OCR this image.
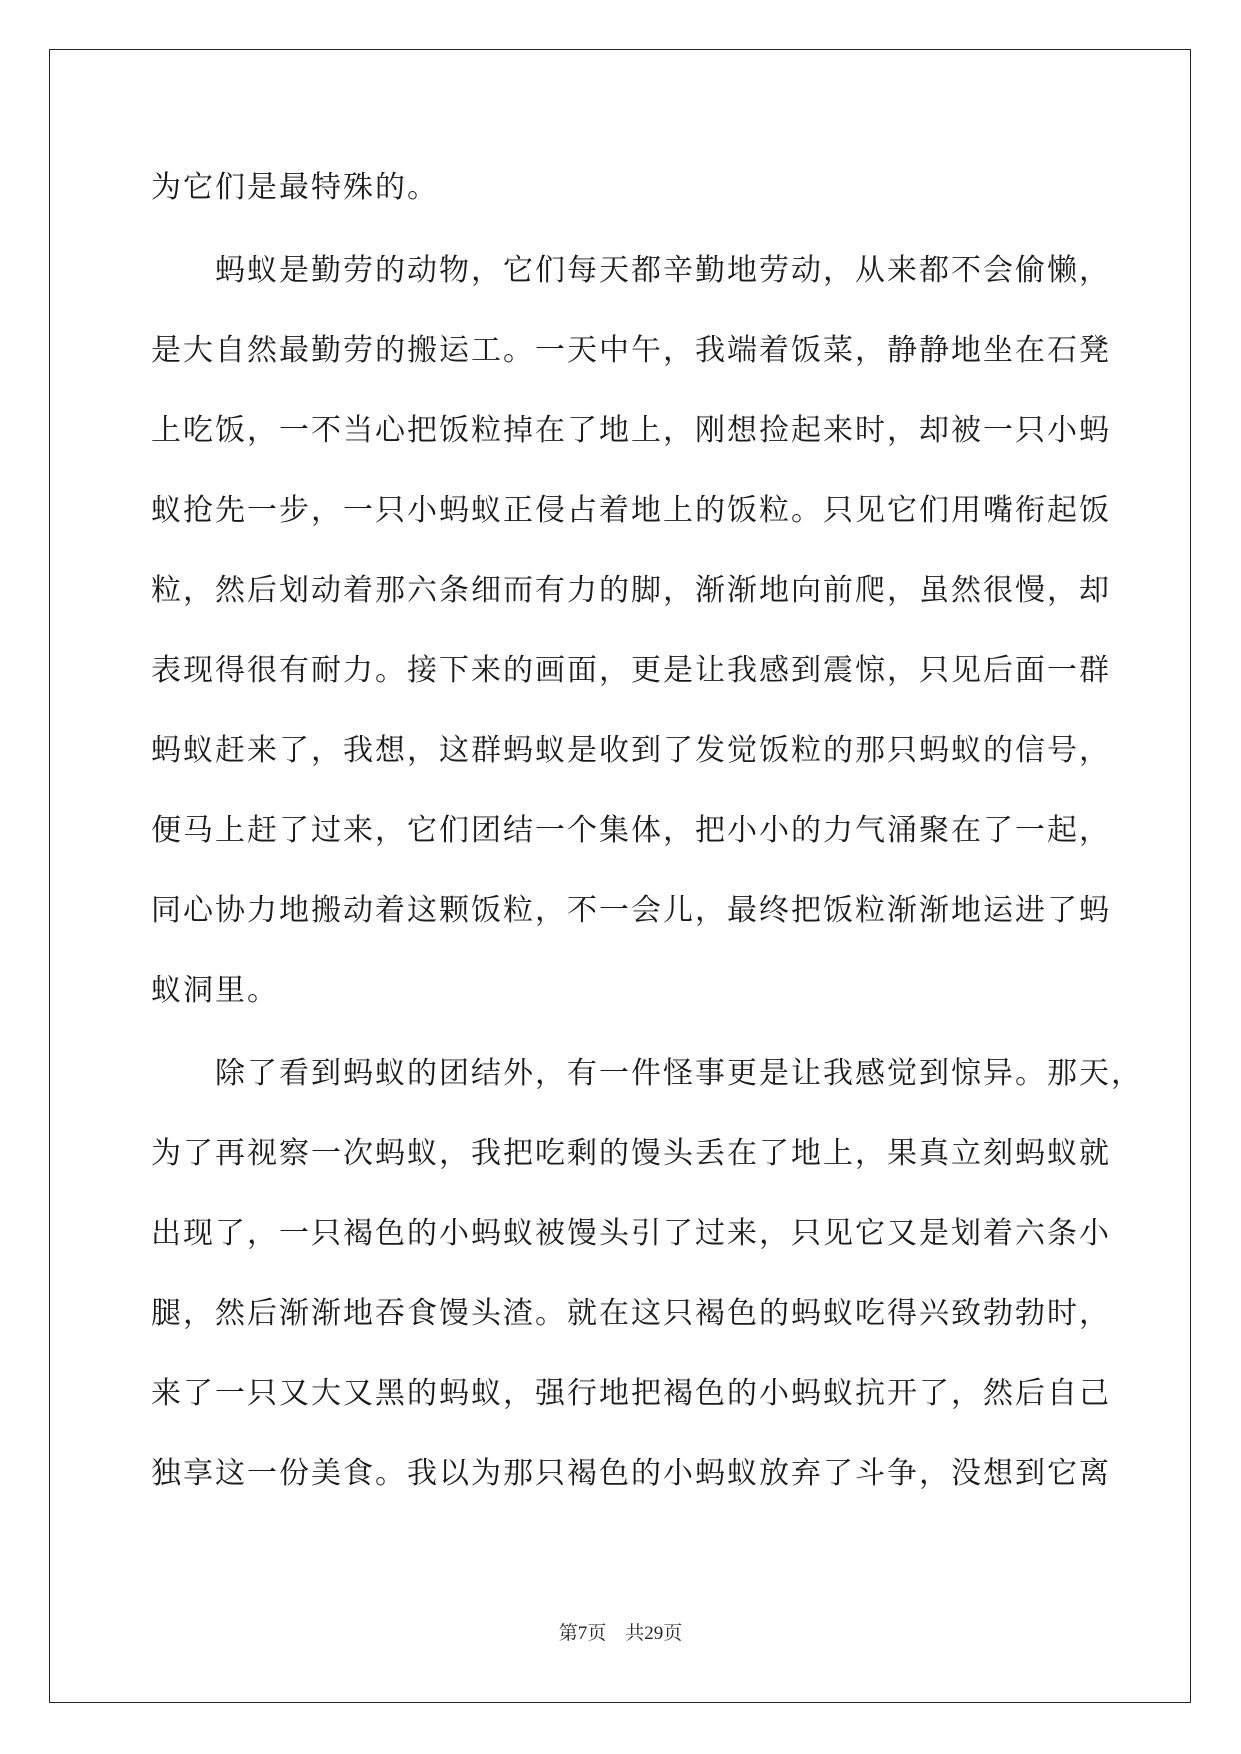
为它们是最特殊的。

　　蚂蚁是勤劳的动物，它们每天都辛勤地劳动，从来都不会偷懒，

是大自然最勤劳的搬运工。一天中午，我端着饭菜，静静地坐在石凳

上吃饭，一不当心把饭粒掉在了地上，刚想捡起来时，却被一只小蚂

蚁抢先一步，一只小蚂蚁正侵占着地上的饭粒。只见它们用嘴衔起饭

粒，然后划动着那六条细而有力的脚，渐渐地向前爬，虽然很慢，却

表现得很有耐力。接下来的画面，更是让我感到震惊，只见后面一群

蚂蚁赶来了，我想，这群蚂蚁是收到了发觉饭粒的那只蚂蚁的信号，

便马上赶了过来，它们团结一个集体，把小小的力气涌聚在了一起，

同心协力地搬动着这颗饭粒，不一会儿，最终把饭粒渐渐地运进了蚂

蚁洞里。

　　除了看到蚂蚁的团结外，有一件怪事更是让我感觉到惊异。那天，

为了再视察一次蚂蚁，我把吃剩的馒头丢在了地上，果真立刻蚂蚁就

出现了，一只褐色的小蚂蚁被馒头引了过来，只见它又是划着六条小

腿，然后渐渐地吞食馒头渣。就在这只褐色的蚂蚁吃得兴致勃勃时，

来了一只又大又黑的蚂蚁，强行地把褐色的小蚂蚁抗开了，然后自己

独享这一份美食。我以为那只褐色的小蚂蚁放弃了斗争，没想到它离

第7页　共29页
